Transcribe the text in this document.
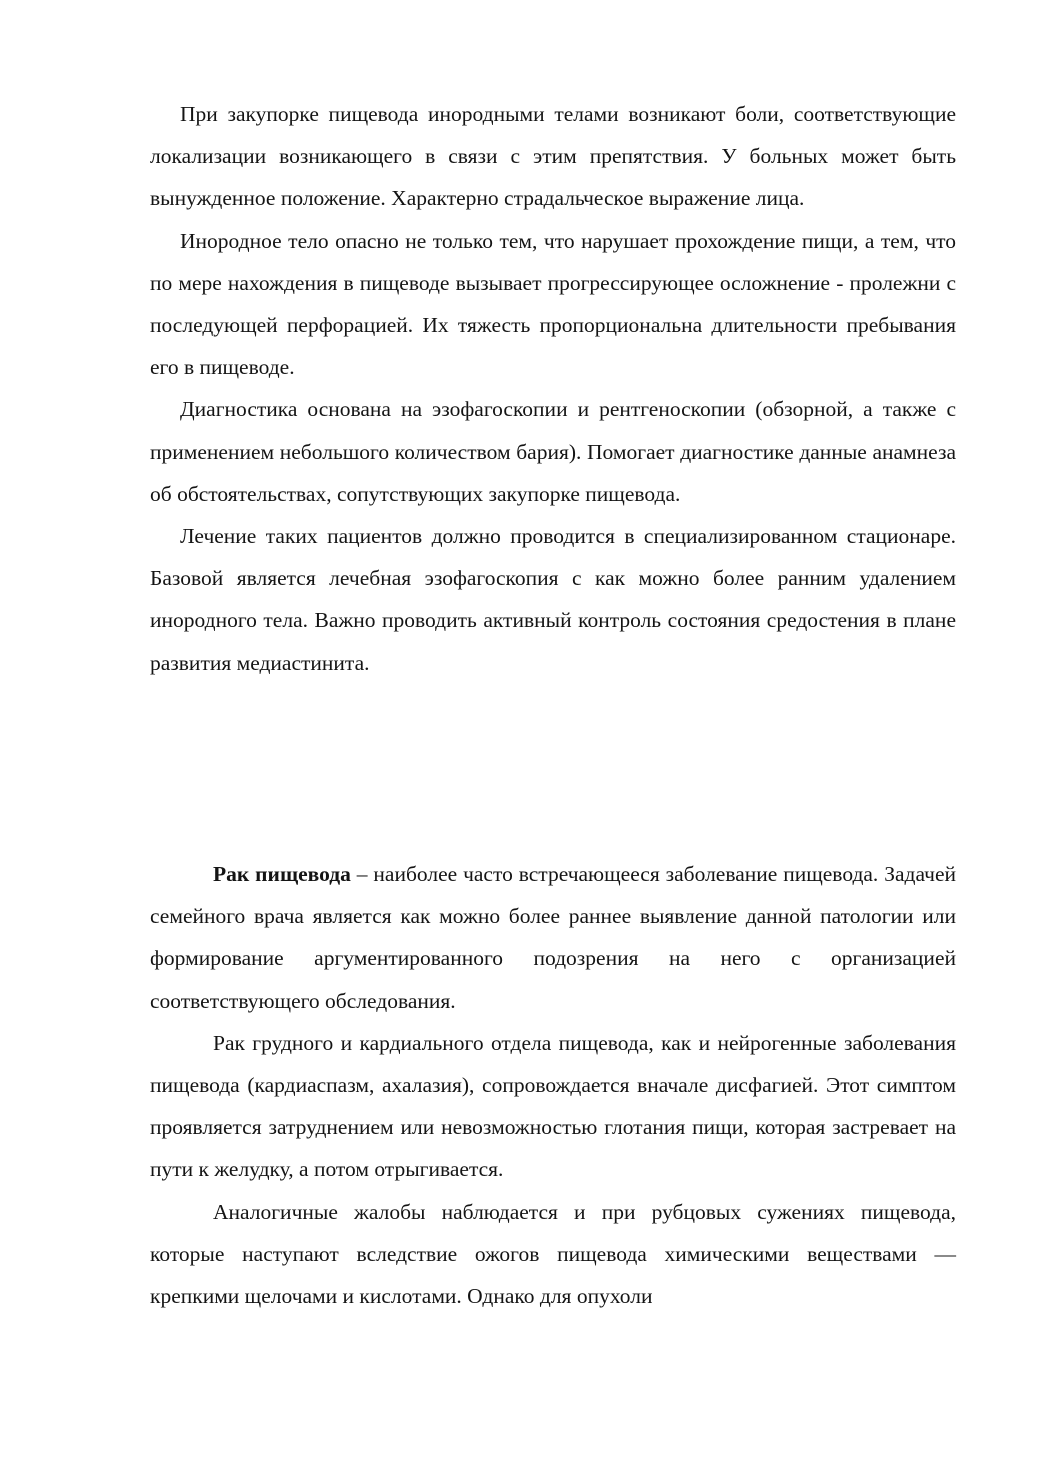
При закупорке пищевода инородными телами возникают боли, соответствующие локализации возникающего в связи с этим препятствия. У больных может быть вынужденное положение. Характерно страдальческое выражение лица.

Инородное тело опасно не только тем, что нарушает прохождение пищи, а тем, что по мере нахождения в пищеводе вызывает прогрессирующее осложнение - пролежни с последующей перфорацией. Их тяжесть пропорциональна длительности пребывания его в пищеводе.

Диагностика основана на эзофагоскопии и рентгеноскопии (обзорной, а также с применением небольшого количеством бария). Помогает диагностике данные анамнеза об обстоятельствах, сопутствующих закупорке пищевода.

Лечение таких пациентов должно проводится в специализированном стационаре. Базовой является лечебная эзофагоскопия с как можно более ранним удалением инородного тела. Важно проводить активный контроль состояния средостения в плане развития медиастинита.

Рак пищевода – наиболее часто встречающееся заболевание пищевода. Задачей семейного врача является как можно более раннее выявление данной патологии или формирование аргументированного подозрения на него с организацией соответствующего обследования.

Рак грудного и кардиального отдела пищевода, как и нейрогенные заболевания пищевода (кардиаспазм, ахалазия), сопровождается вначале дисфагией. Этот симптом проявляется затруднением или невозможностью глотания пищи, которая застревает на пути к желудку, а потом отрыгивается.

Аналогичные жалобы наблюдается и при рубцовых сужениях пищевода, которые наступают вследствие ожогов пищевода химическими веществами — крепкими щелочами и кислотами. Однако для опухоли
